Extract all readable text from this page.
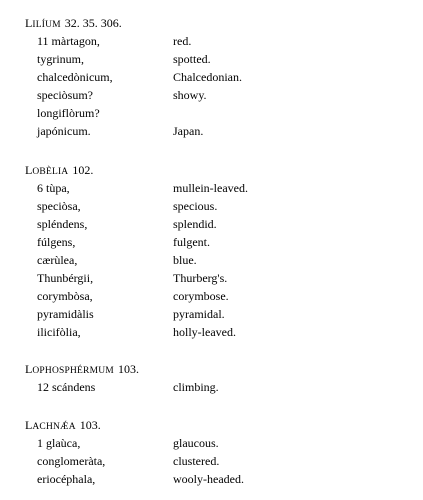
LILÍUM 32. 35. 306.
11 màrtagon,	red.
tygrinum,	spotted.
chalcedònicum,	Chalcedonian.
speciòsum?	showy.
longiflòrum?
japónicum.	Japan.
LOBÈLIA 102.
6 tùpa,	mullein-leaved.
speciòsa,	specious.
spléndens,	splendid.
fúlgens,	fulgent.
cærùlea,	blue.
Thunbérgii,	Thurberg's.
corymbòsa,	corymbose.
pyramidàlis	pyramidal.
ilicifòlia,	holly-leaved.
LOPHOSPHÉRMUM 103.
12 scándens	climbing.
LACHNǼA 103.
1 glaùca,	glaucous.
conglomeràta,	clustered.
eriocéphala,	wooly-headed.
